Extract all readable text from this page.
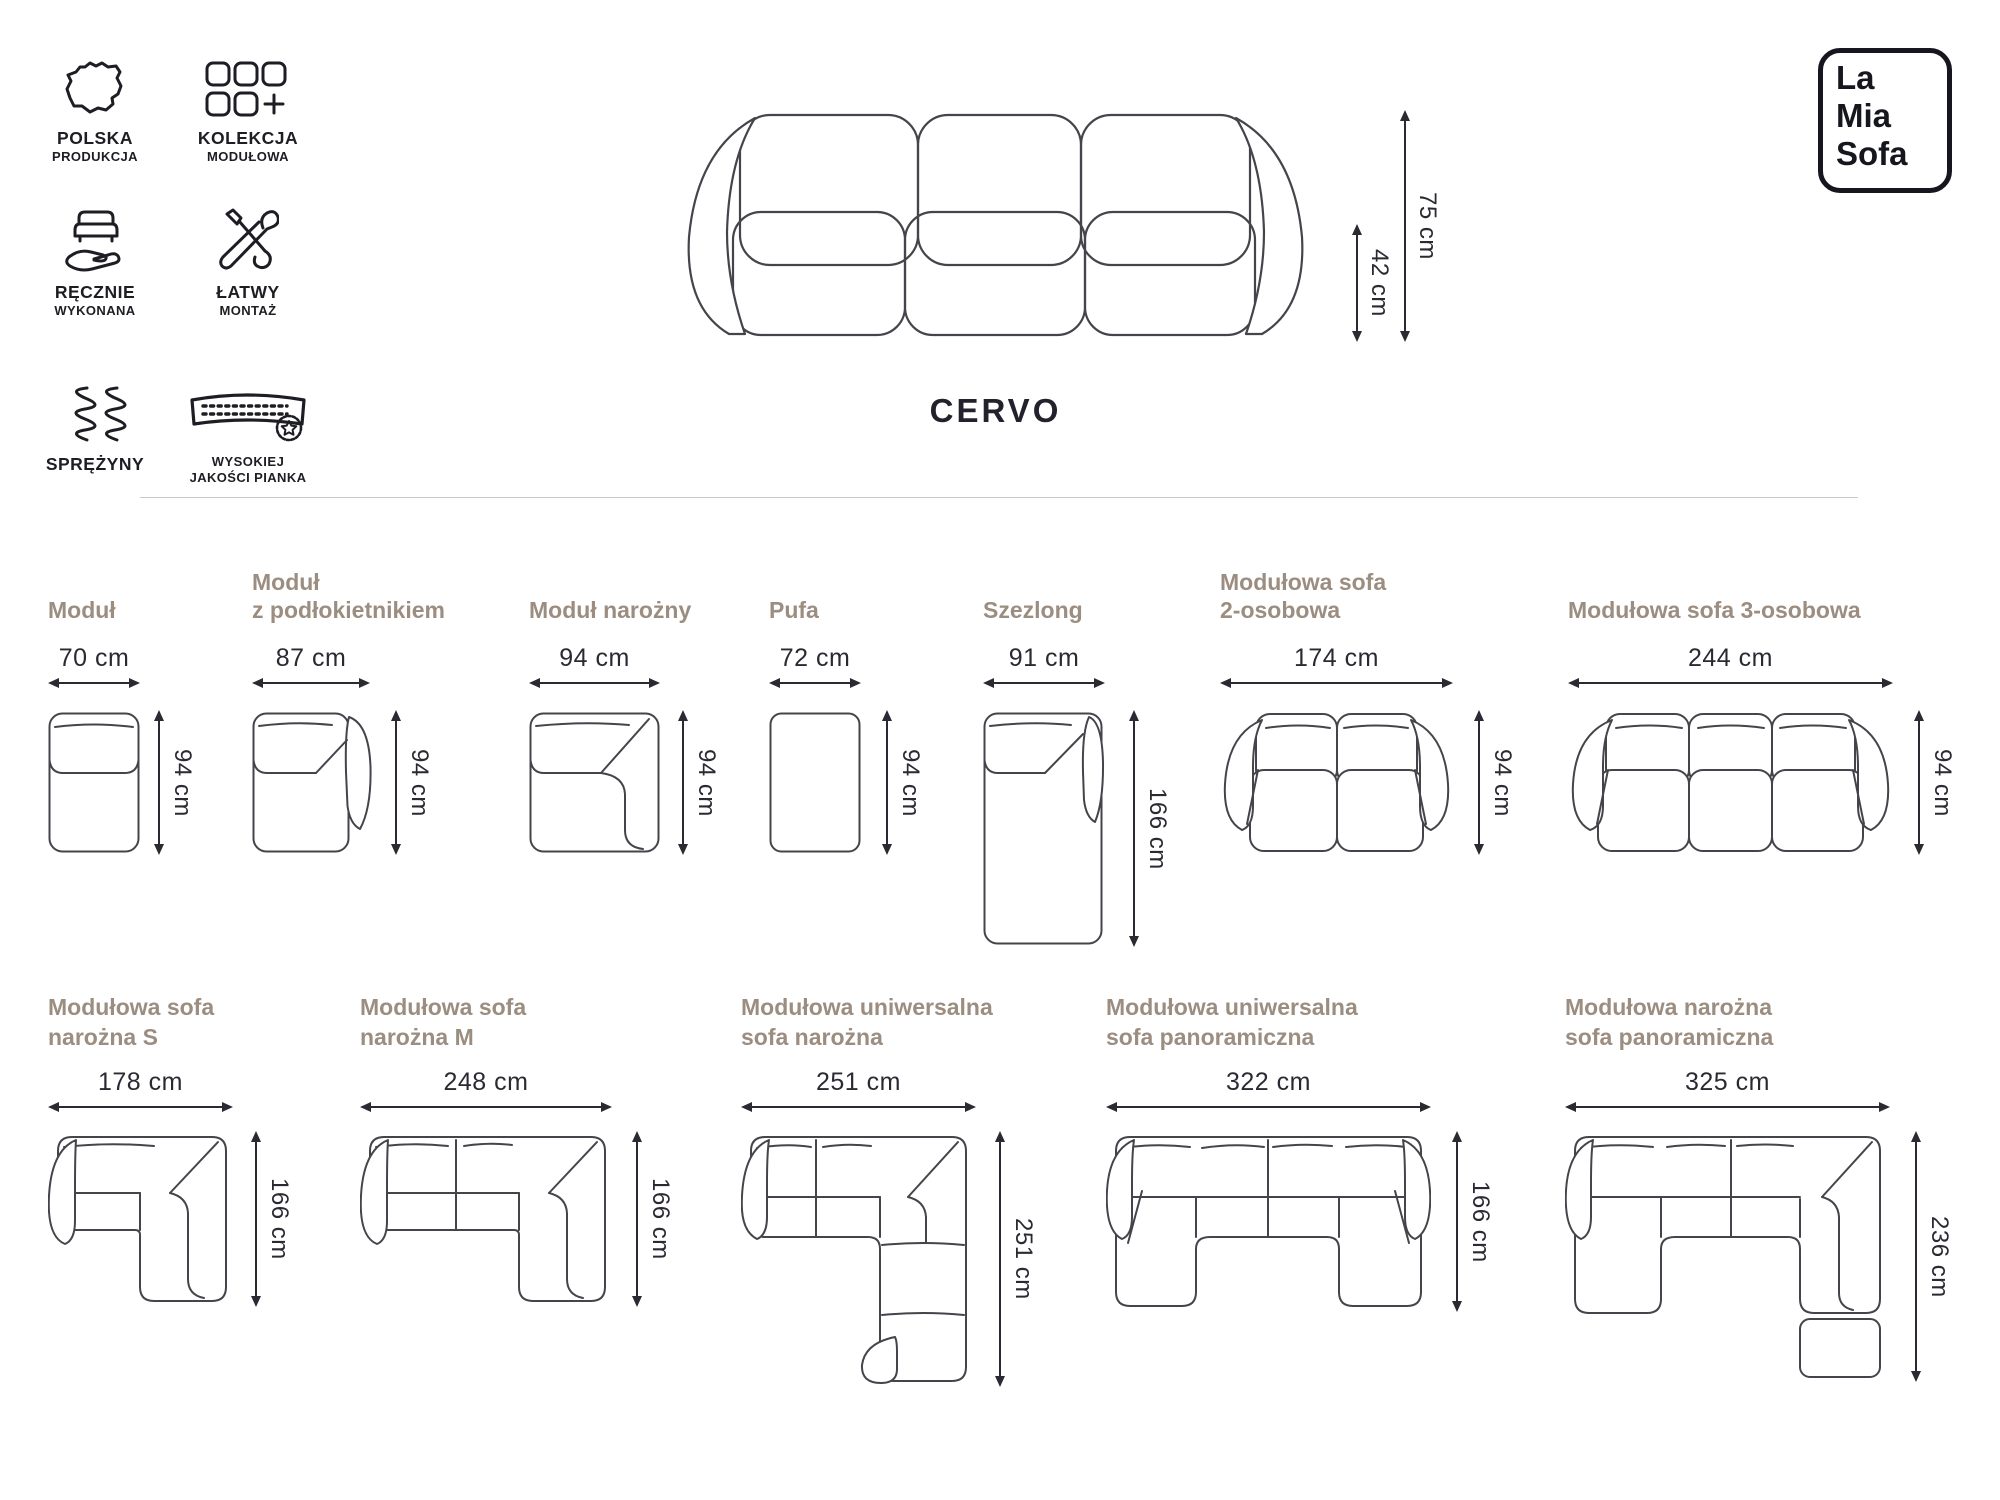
POLSKA
PRODUKCJA
KOLEKCJA
MODUŁOWA
RĘCZNIE
WYKONANA
ŁATWY
MONTAŻ
SPRĘŻYNY	WYSOKIEJ
JAKOŚCI PIANKA
42 cm
75 cm
CERVO
La
Mia
Sofa
Moduł
70 cm
94 cm
Moduł
z podłokietnikiem
87 cm
94 cm
Moduł narożny
94 cm
94 cm
Pufa
72 cm
94 cm
Szezlong
91 cm
166 cm
Modułowa sofa
2-osobowa
174 cm
94 cm
Modułowa sofa 3-osobowa
244 cm
94 cm
Modułowa sofa
narożna S
178 cm
166 cm
Modułowa sofa
narożna M
248 cm
166 cm
Modułowa uniwersalna
sofa narożna
251 cm
251 cm
Modułowa uniwersalna
sofa panoramiczna
322 cm
166 cm
Modułowa narożna
sofa panoramiczna
325 cm
236 cm
